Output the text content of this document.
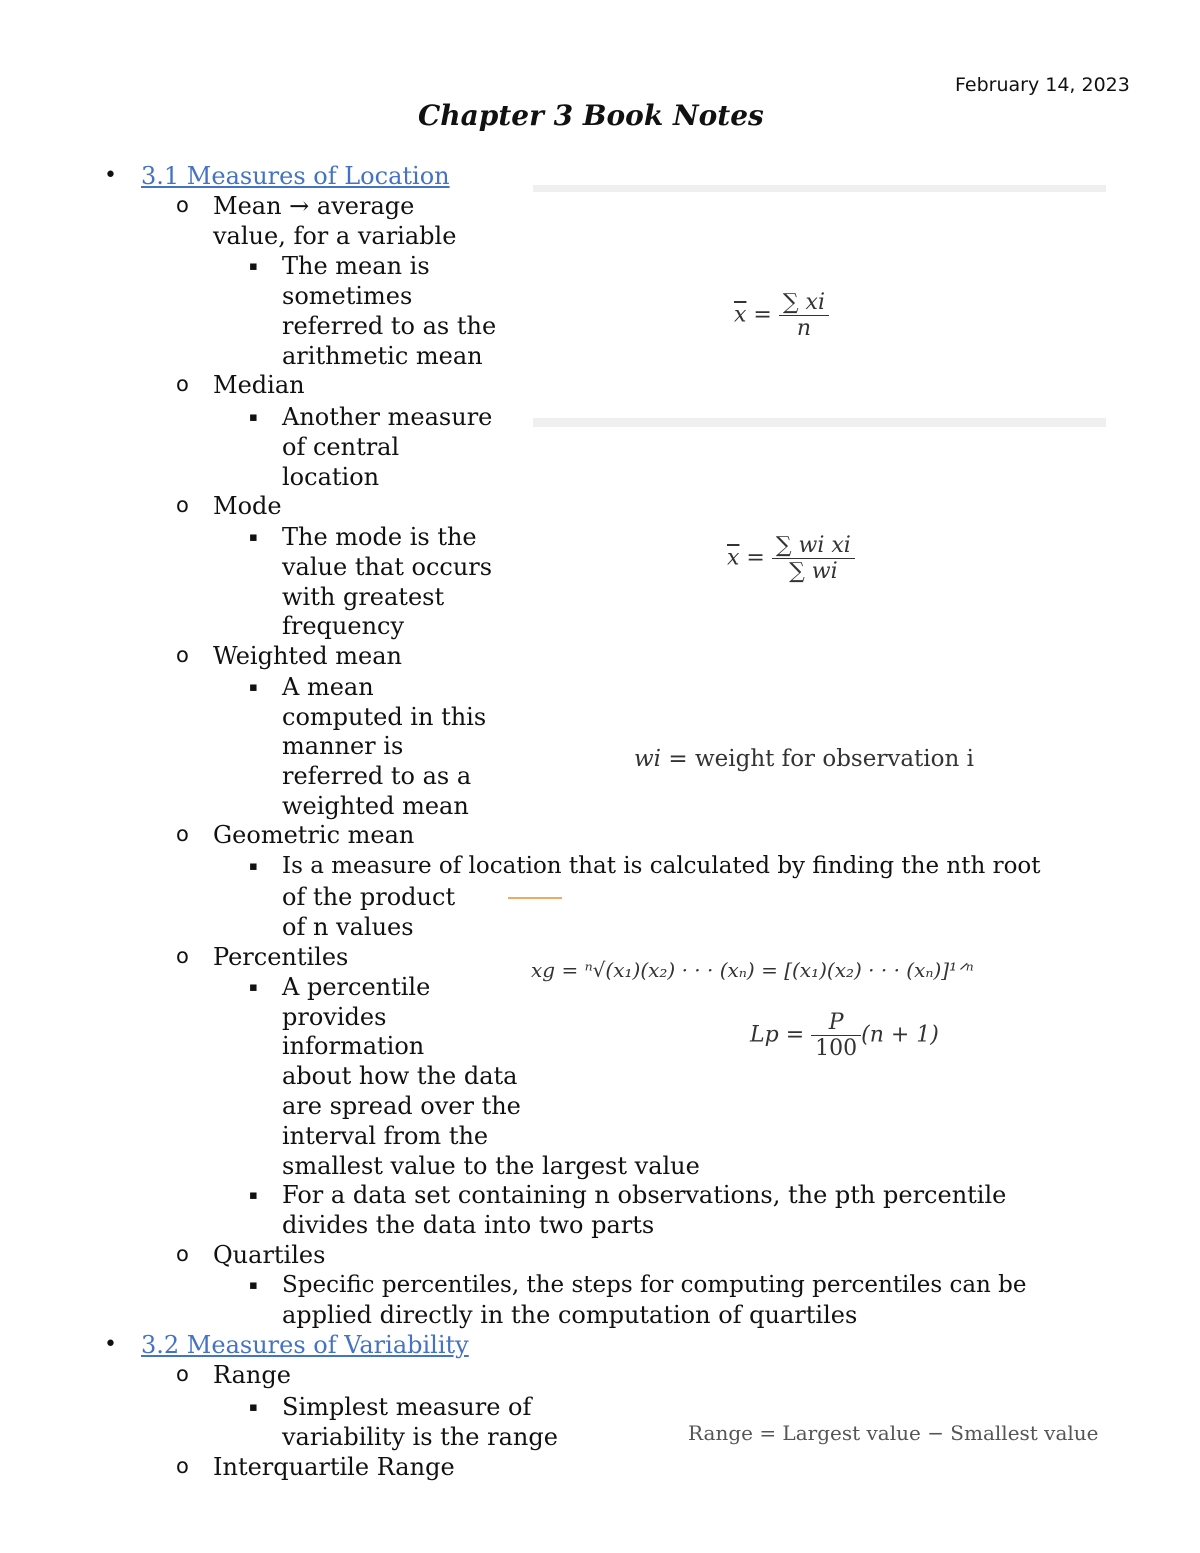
February 14, 2023
Chapter 3 Book Notes
• 3.1 Measures of Location
o Mean → average
value, for a variable
▪ The mean is
sometimes
referred to as the
arithmetic mean
o Median
▪ Another measure
of central
location
o Mode
▪ The mode is the
value that occurs
with greatest
frequency
o Weighted mean
▪ A mean
computed in this
manner is
referred to as a
weighted mean
o Geometric mean
▪ Is a measure of location that is calculated by finding the nth root
of the product
of n values
o Percentiles
▪ A percentile
provides
information
about how the data
are spread over the
interval from the
smallest value to the largest value
▪ For a data set containing n observations, the pth percentile
divides the data into two parts
o Quartiles
▪ Specific percentiles, the steps for computing percentiles can be
applied directly in the computation of quartiles
• 3.2 Measures of Variability
o Range
▪ Simplest measure of
variability is the range
o Interquartile Range
$\overline{x} = \frac{\sum xi}{n}$
$\overline{x} = \frac{\text{∑ wi xi}}{\sum wi}$
wi = weight for observation i
$\overline{xg} = ^n√(x_1)(x_2)$ · · · (xₙ) = [(x₁)(x₂) · · · (xₙ)]¹ᐟⁿ
$Lp = \frac{P}{100} (n + 1)$
Range = Largest value − Smallest value
